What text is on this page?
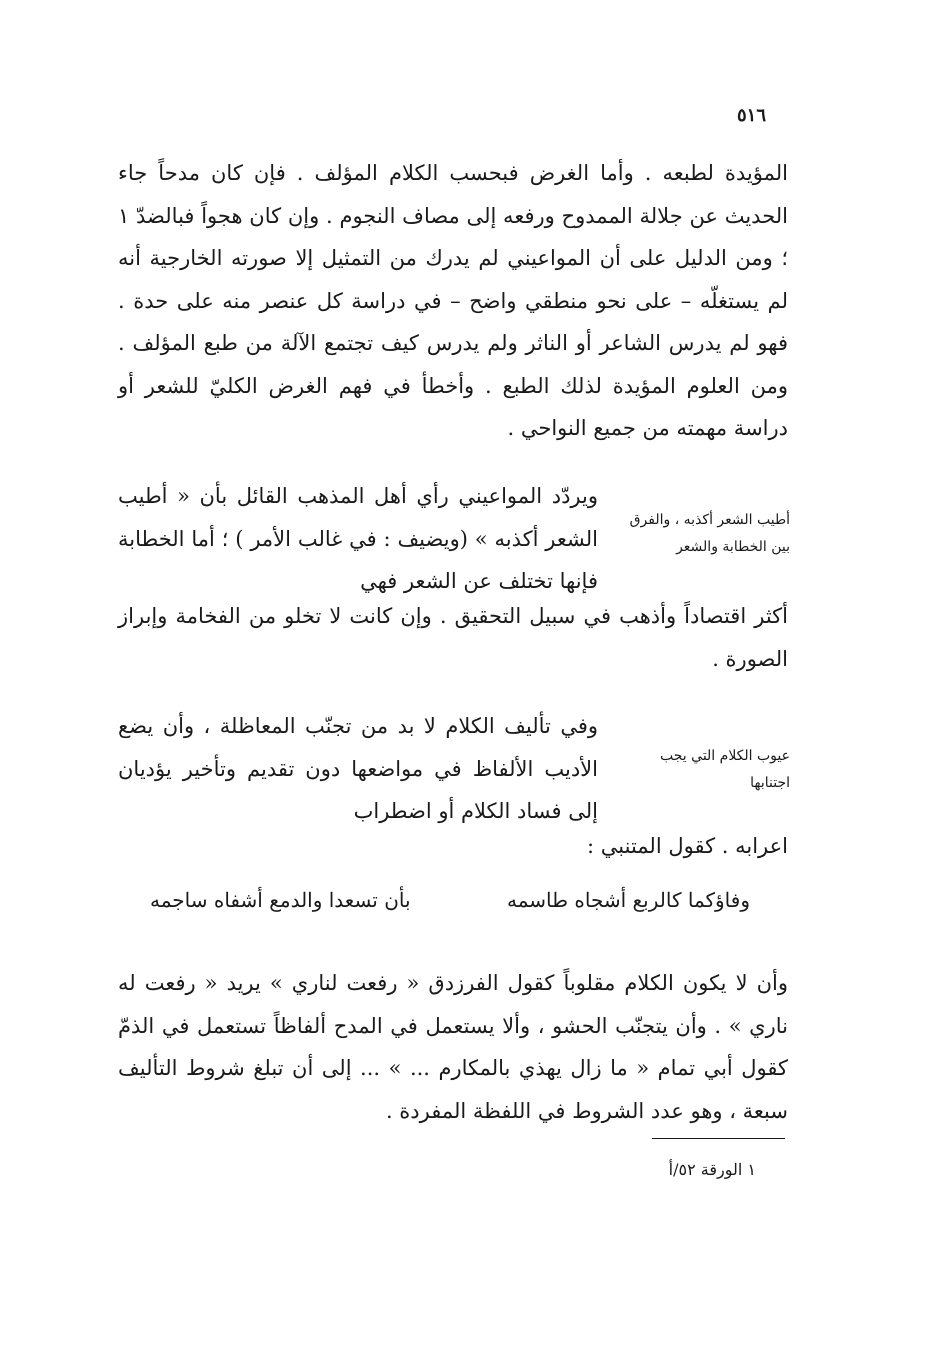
٥١٦

المؤيدة لطبعه . وأما الغرض فبحسب الكلام المؤلف . فإن كان مدحاً جاء الحديث عن جلالة الممدوح ورفعه إلى مصاف النجوم . وإن كان هجواً فبالضدّ ١ ؛ ومن الدليل على أن المواعيني لم يدرك من التمثيل إلا صورته الخارجية أنه لم يستغلّه – على نحو منطقي واضح – في دراسة كل عنصر منه على حدة . فهو لم يدرس الشاعر أو الناثر ولم يدرس كيف تجتمع الآلة من طبع المؤلف . ومن العلوم المؤيدة لذلك الطبع . وأخطأ في فهم الغرض الكليّ للشعر أو دراسة مهمته من جميع النواحي .

أطيب الشعر أكذبه ، والفرق بين الخطابة والشعر

ويردّد المواعيني رأي أهل المذهب القائل بأن « أطيب الشعر أكذبه » (ويضيف : في غالب الأمر ) ؛ أما الخطابة فإنها تختلف عن الشعر فهي

أكثر اقتصاداً وأذهب في سبيل التحقيق . وإن كانت لا تخلو من الفخامة وإبراز الصورة .

عيوب الكلام التي يجب اجتنابها

وفي تأليف الكلام لا بد من تجنّب المعاظلة ، وأن يضع الأديب الألفاظ في مواضعها دون تقديم وتأخير يؤديان إلى فساد الكلام أو اضطراب

اعرابه . كقول المتنبي :

وفاؤكما كالربع أشجاه طاسمه
بأن تسعدا والدمع أشفاه ساجمه

وأن لا يكون الكلام مقلوباً كقول الفرزدق « رفعت لناري » يريد « رفعت له ناري » . وأن يتجنّب الحشو ، وألا يستعمل في المدح ألفاظاً تستعمل في الذمّ كقول أبي تمام « ما زال يهذي بالمكارم ... » ... إلى أن تبلغ شروط التأليف سبعة ، وهو عدد الشروط في اللفظة المفردة .

١ الورقة ٥٢/أ
